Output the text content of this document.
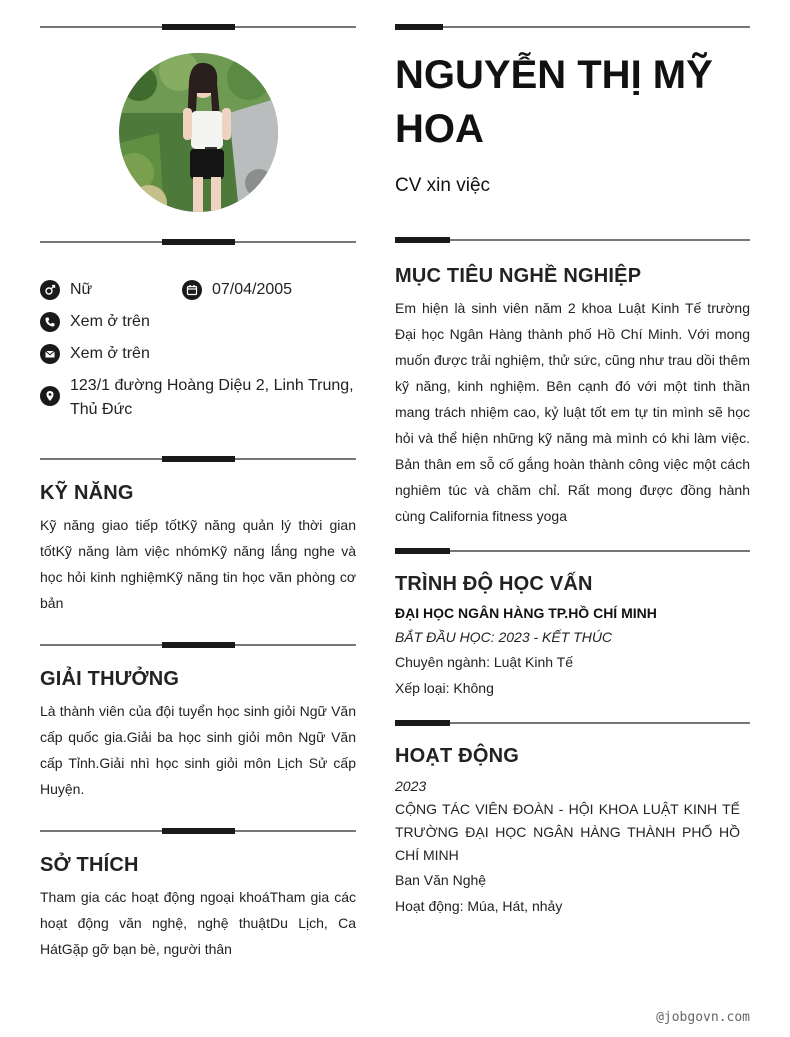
Nữ	07/04/2005
Xem ở trên
Xem ở trên
123/1 đường Hoàng Diệu 2, Linh Trung, Thủ Đức
KỸ NĂNG
Kỹ năng giao tiếp tốtKỹ năng quản lý thời gian tốtKỹ năng làm việc nhómKỹ năng lắng nghe và học hỏi kinh nghiệmKỹ năng tin học văn phòng cơ bản
GIẢI THƯỞNG
Là thành viên của đội tuyển học sinh giỏi Ngữ Văn cấp quốc gia.Giải ba học sinh giỏi môn Ngữ Văn cấp Tỉnh.Giải nhì học sinh giỏi môn Lịch Sử cấp Huyện.
SỞ THÍCH
Tham gia các hoạt động ngoại khoáTham gia các hoạt động văn nghệ, nghệ thuậtDu Lịch, Ca HátGặp gỡ bạn bè, người thân
NGUYỄN THỊ MỸ HOA
CV xin việc
MỤC TIÊU NGHỀ NGHIỆP
Em hiện là sinh viên năm 2 khoa Luật Kinh Tế trường Đại học Ngân Hàng thành phố Hồ Chí Minh. Với mong muốn được trải nghiệm, thử sức, cũng như trau dồi thêm kỹ năng, kinh nghiệm. Bên cạnh đó với một tinh thần mang trách nhiệm cao, kỷ luật tốt em tự tin mình sẽ học hỏi và thể hiện những kỹ năng mà mình có khi làm việc. Bản thân em sỗ cố gắng hoàn thành công việc một cách nghiêm túc và chăm chỉ. Rất mong được đồng hành cùng California fitness yoga
TRÌNH ĐỘ HỌC VẤN
ĐẠI HỌC NGÂN HÀNG TP.HỒ CHÍ MINH
BẮT ĐẦU HỌC: 2023 - KẾT THÚC
Chuyên ngành: Luật Kinh Tế
Xếp loại: Không
HOẠT ĐỘNG
2023
CỘNG TÁC VIÊN ĐOÀN - HỘI KHOA LUẬT KINH TẾ TRƯỜNG ĐẠI HỌC NGÂN HÀNG THÀNH PHỐ HỒ CHÍ MINH
Ban Văn Nghệ
Hoạt động: Múa, Hát, nhảy
@jobgovn.com
